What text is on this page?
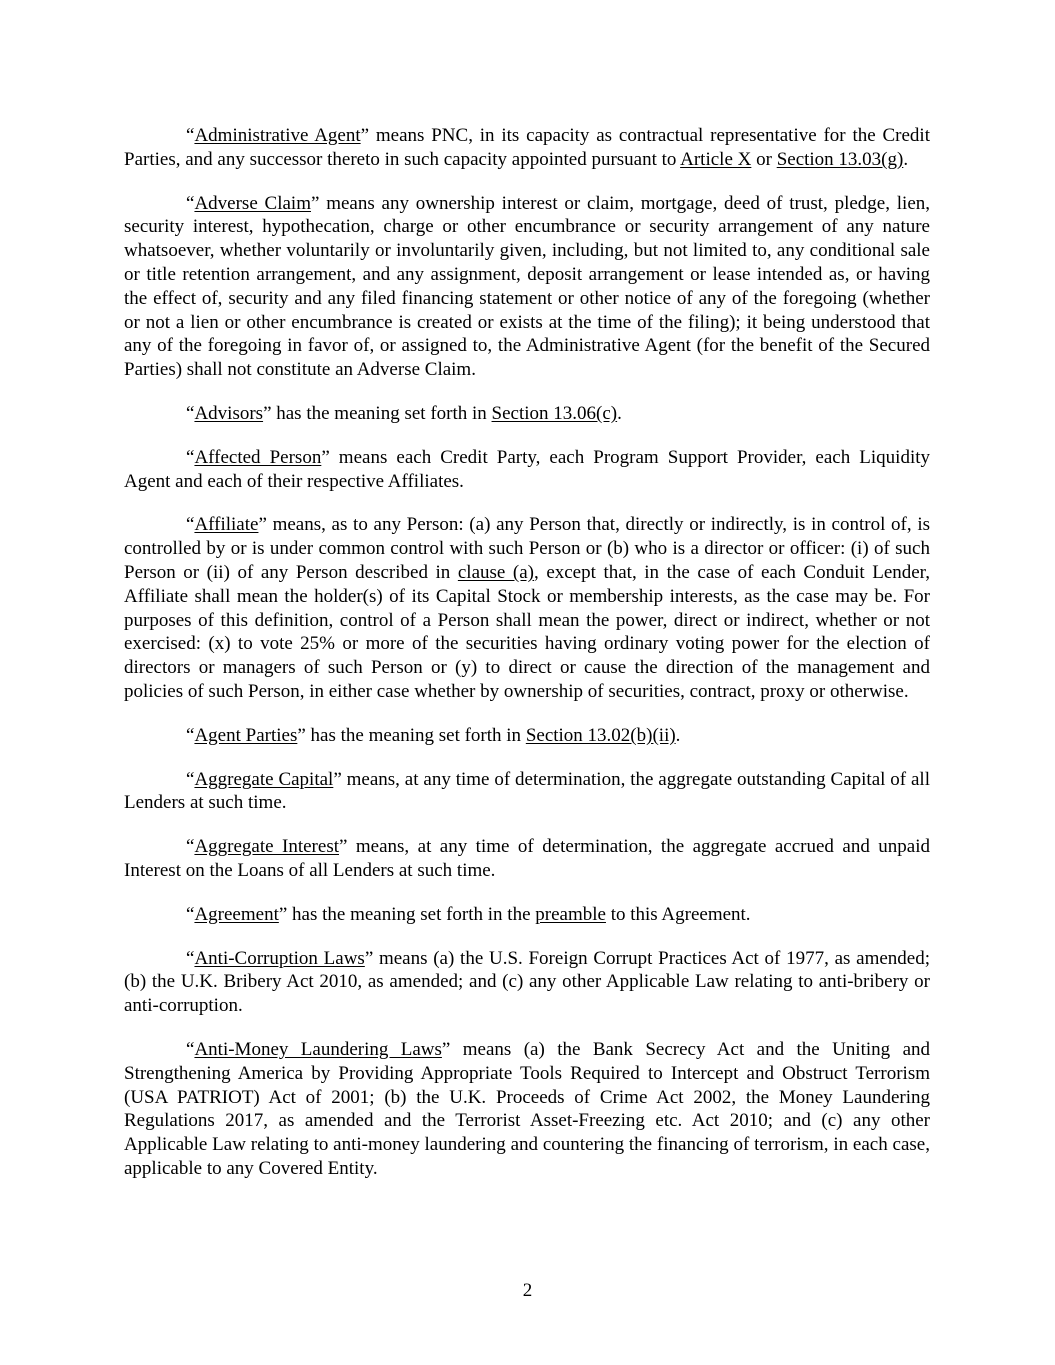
“Administrative Agent” means PNC, in its capacity as contractual representative for the Credit Parties, and any successor thereto in such capacity appointed pursuant to Article X or Section 13.03(g).

“Adverse Claim” means any ownership interest or claim, mortgage, deed of trust, pledge, lien, security interest, hypothecation, charge or other encumbrance or security arrangement of any nature whatsoever, whether voluntarily or involuntarily given, including, but not limited to, any conditional sale or title retention arrangement, and any assignment, deposit arrangement or lease intended as, or having the effect of, security and any filed financing statement or other notice of any of the foregoing (whether or not a lien or other encumbrance is created or exists at the time of the filing); it being understood that any of the foregoing in favor of, or assigned to, the Administrative Agent (for the benefit of the Secured Parties) shall not constitute an Adverse Claim.

“Advisors” has the meaning set forth in Section 13.06(c).

“Affected Person” means each Credit Party, each Program Support Provider, each Liquidity Agent and each of their respective Affiliates.

“Affiliate” means, as to any Person: (a) any Person that, directly or indirectly, is in control of, is controlled by or is under common control with such Person or (b) who is a director or officer: (i) of such Person or (ii) of any Person described in clause (a), except that, in the case of each Conduit Lender, Affiliate shall mean the holder(s) of its Capital Stock or membership interests, as the case may be. For purposes of this definition, control of a Person shall mean the power, direct or indirect, whether or not exercised: (x) to vote 25% or more of the securities having ordinary voting power for the election of directors or managers of such Person or (y) to direct or cause the direction of the management and policies of such Person, in either case whether by ownership of securities, contract, proxy or otherwise.

“Agent Parties” has the meaning set forth in Section 13.02(b)(ii).

“Aggregate Capital” means, at any time of determination, the aggregate outstanding Capital of all Lenders at such time.

“Aggregate Interest” means, at any time of determination, the aggregate accrued and unpaid Interest on the Loans of all Lenders at such time.

“Agreement” has the meaning set forth in the preamble to this Agreement.

“Anti-Corruption Laws” means (a) the U.S. Foreign Corrupt Practices Act of 1977, as amended; (b) the U.K. Bribery Act 2010, as amended; and (c) any other Applicable Law relating to anti-bribery or anti-corruption.

“Anti-Money Laundering Laws” means (a) the Bank Secrecy Act and the Uniting and Strengthening America by Providing Appropriate Tools Required to Intercept and Obstruct Terrorism (USA PATRIOT) Act of 2001; (b) the U.K. Proceeds of Crime Act 2002, the Money Laundering Regulations 2017, as amended and the Terrorist Asset-Freezing etc. Act 2010; and (c) any other Applicable Law relating to anti-money laundering and countering the financing of terrorism, in each case, applicable to any Covered Entity.

2
